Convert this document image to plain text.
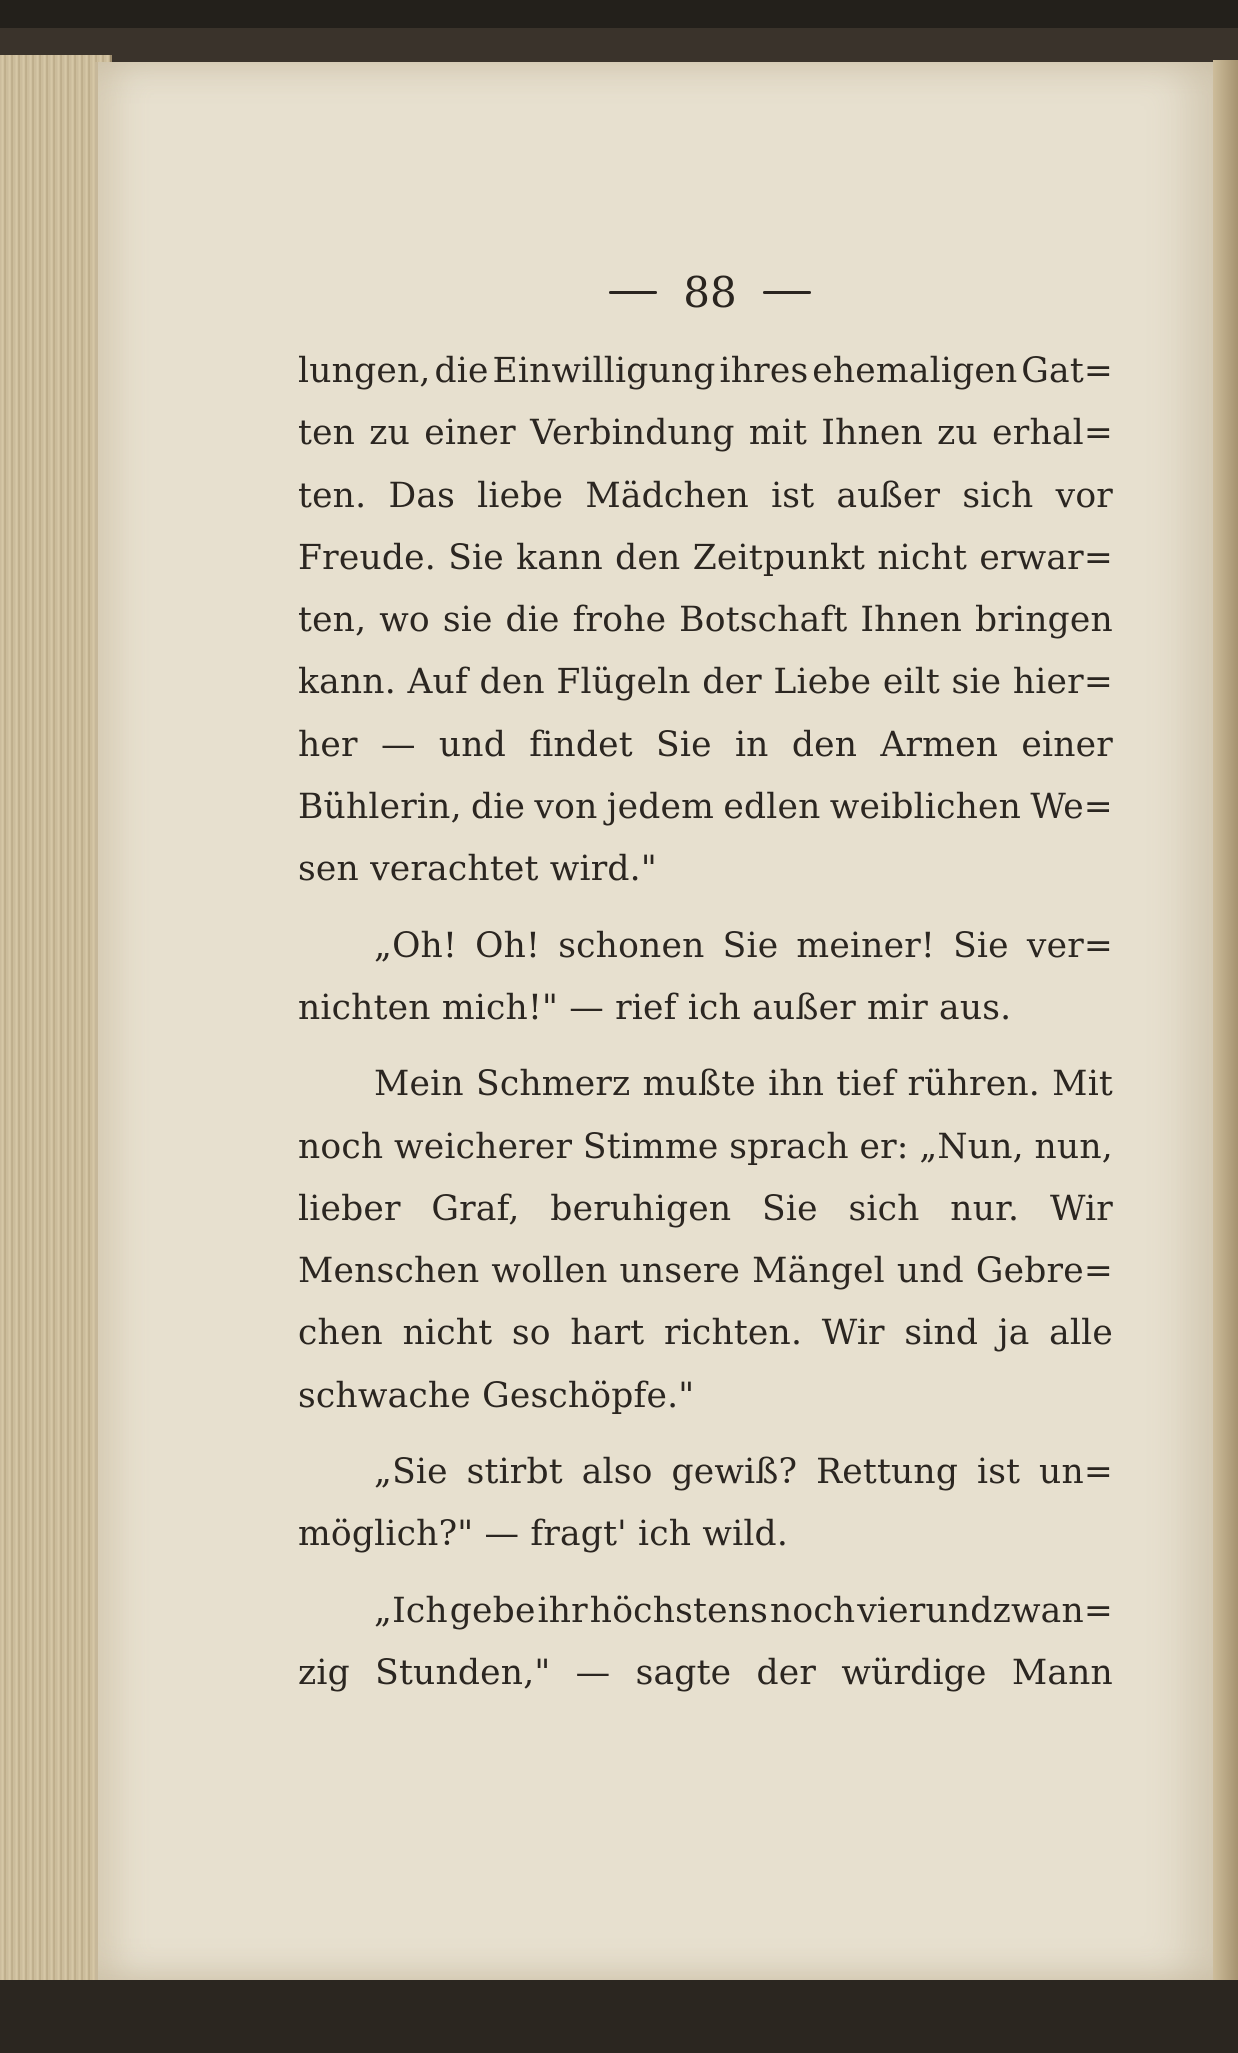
88
lungen, die Einwilligung ihres ehemaligen Gat=
ten zu einer Verbindung mit Ihnen zu erhal=
ten. Das liebe Mädchen ist außer sich vor
Freude. Sie kann den Zeitpunkt nicht erwar=
ten, wo sie die frohe Botschaft Ihnen bringen
kann. Auf den Flügeln der Liebe eilt sie hier=
her — und findet Sie in den Armen einer
Bühlerin, die von jedem edlen weiblichen We=
sen verachtet wird."
„Oh! Oh! schonen Sie meiner! Sie ver=
nichten mich!" — rief ich außer mir aus.
Mein Schmerz mußte ihn tief rühren. Mit
noch weicherer Stimme sprach er: „Nun, nun,
lieber Graf, beruhigen Sie sich nur. Wir
Menschen wollen unsere Mängel und Gebre=
chen nicht so hart richten. Wir sind ja alle
schwache Geschöpfe."
„Sie stirbt also gewiß? Rettung ist un=
möglich?" — fragt' ich wild.
„Ich gebe ihr höchstens noch vierundzwan=
zig Stunden," — sagte der würdige Mann
